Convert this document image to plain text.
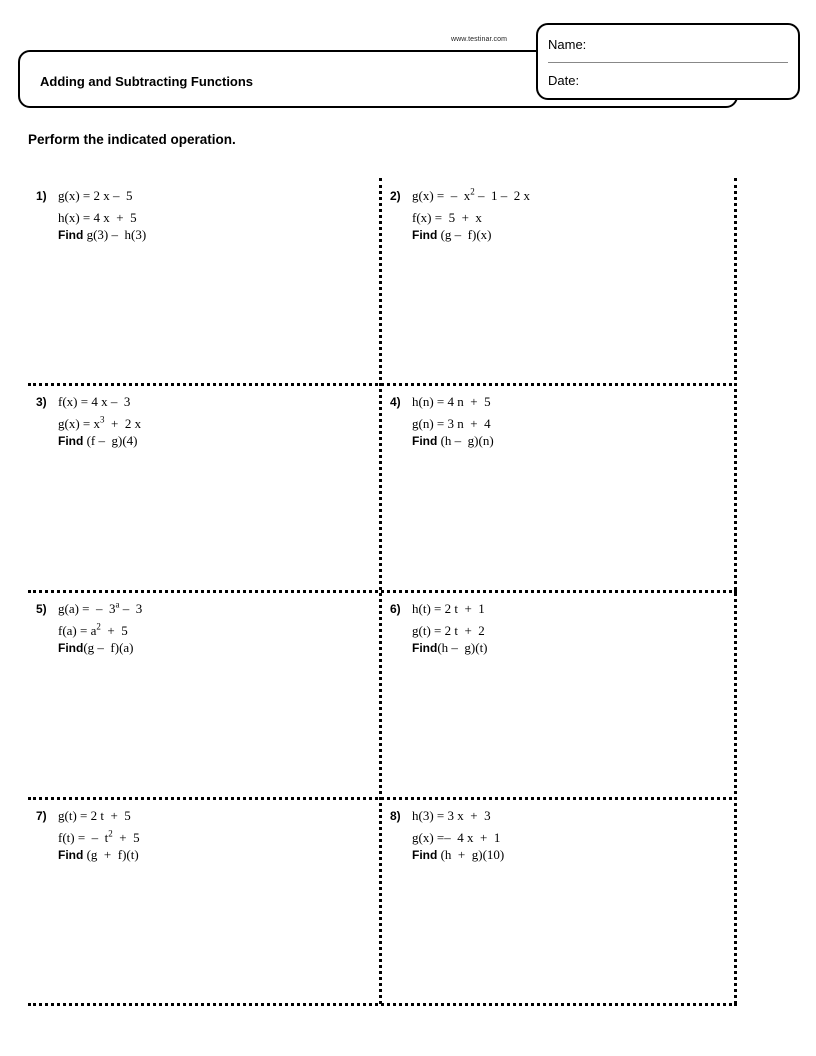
www.testinar.com
Adding and Subtracting Functions
Name:
Date:
Perform the indicated operation.
1) g(x) = 2 x –  5
h(x) = 4 x  +  5
Find g(3) –  h(3)
2) g(x) =  –  $x^2 - 1 - 2$ x
f(x) =  5  +  x
Find (g –  f)(x)
3) f(x) = 4 x –  3
$g(x) = x^3 + 2$ x
Find (f –  g)(4)
4) h(n) = 4 n  +  5
g(n) = 3 n  +  4
Find (h –  g)(n)
5) g(a) =  –  3$^a$ –  3
$f(a) = a^2 + 5$
Find(g –  f)(a)
6) h(t) = 2 t  +  1
g(t) = 2 t  +  2
Find(h –  g)(t)
7) g(t) = 2 t  +  5
f(t) =  –  $t^2 + 5$
Find (g  +  f)(t)
8) h(3) = 3 x  +  3
g(x) =–  4 x  +  1
Find (h  +  g)(10)
